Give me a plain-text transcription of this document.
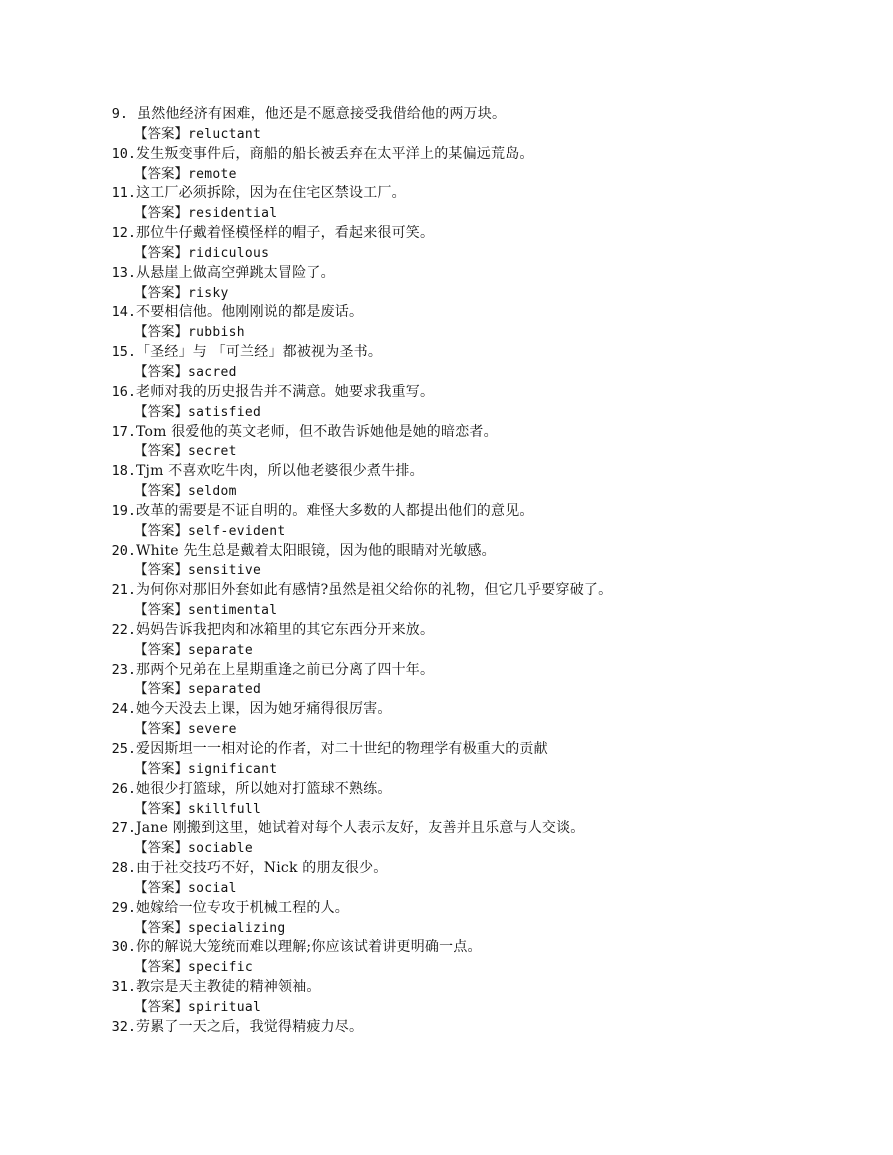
9. 虽然他经济有困难，他还是不愿意接受我借给他的两万块。
【答案】reluctant
10. 发生叛变事件后，商船的船长被丢弃在太平洋上的某偏远荒岛。
【答案】remote
11. 这工厂必须拆除，因为在住宅区禁设工厂。
【答案】residential
12. 那位牛仔戴着怪模怪样的帽子，看起来很可笑。
【答案】ridiculous
13. 从悬崖上做高空弹跳太冒险了。
【答案】risky
14. 不要相信他。他刚刚说的都是废话。
【答案】rubbish
15. 「圣经」与 「可兰经」都被视为圣书。
【答案】sacred
16. 老师对我的历史报告并不满意。她要求我重写。
【答案】satisfied
17. Tom 很爱他的英文老师，但不敢告诉她他是她的暗恋者。
【答案】secret
18. Tjm 不喜欢吃牛肉，所以他老婆很少煮牛排。
【答案】seldom
19. 改革的需要是不证自明的。难怪大多数的人都提出他们的意见。
【答案】self-evident
20. White 先生总是戴着太阳眼镜，因为他的眼睛对光敏感。
【答案】sensitive
21. 为何你对那旧外套如此有感情?虽然是祖父给你的礼物，但它几乎要穿破了。
【答案】sentimental
22. 妈妈告诉我把肉和冰箱里的其它东西分开来放。
【答案】separate
23. 那两个兄弟在上星期重逢之前已分离了四十年。
【答案】separated
24. 她今天没去上课，因为她牙痛得很厉害。
【答案】severe
25. 爱因斯坦一一相对论的作者，对二十世纪的物理学有极重大的贡献
【答案】significant
26. 她很少打篮球，所以她对打篮球不熟练。
【答案】skillfull
27. Jane 刚搬到这里，她试着对每个人表示友好，友善并且乐意与人交谈。
【答案】sociable
28. 由于社交技巧不好，Nick 的朋友很少。
【答案】social
29. 她嫁给一位专攻于机械工程的人。
【答案】specializing
30. 你的解说大笼统而难以理解;你应该试着讲更明确一点。
【答案】specific
31. 教宗是天主教徒的精神领袖。
【答案】spiritual
32. 劳累了一天之后，我觉得精疲力尽。
